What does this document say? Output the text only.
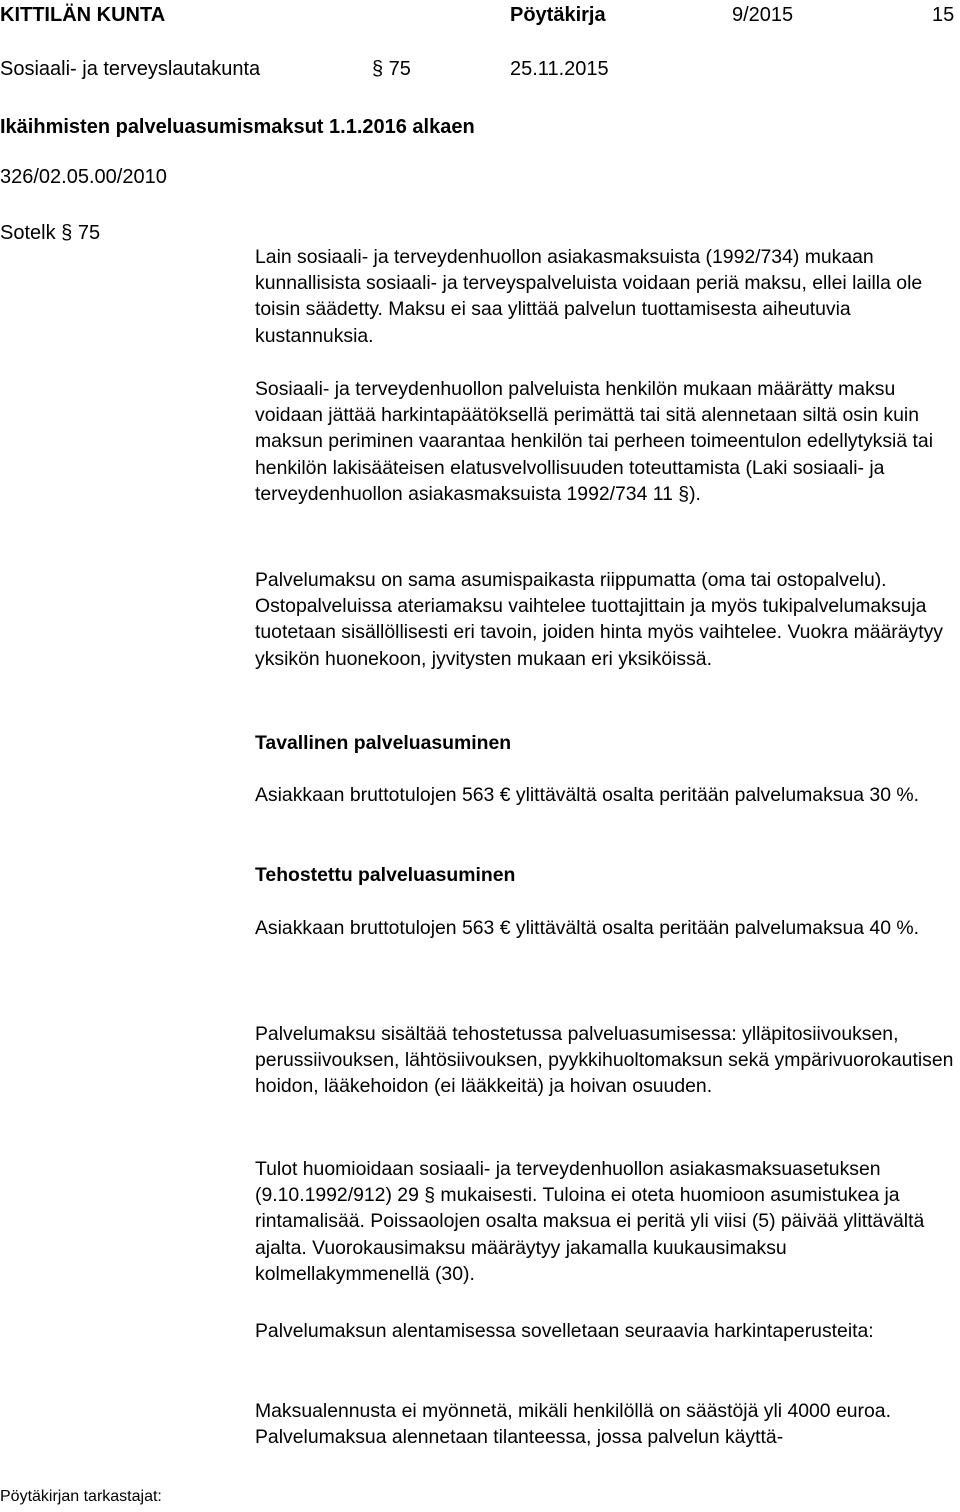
KITTILÄN KUNTA	Pöytäkirja	9/2015	15
Sosiaali- ja terveyslautakunta	§ 75	25.11.2015
Ikäihmisten palveluasumismaksut 1.1.2016 alkaen
326/02.05.00/2010
Sotelk § 75

Lain sosiaali- ja terveydenhuollon asiakasmaksuista (1992/734) mukaan kunnallisista sosiaali- ja terveyspalveluista voidaan periä maksu, ellei lailla ole toisin säädetty. Maksu ei saa ylittää palvelun tuottamisesta aiheutuvia kustannuksia.

Sosiaali- ja terveydenhuollon palveluista henkilön mukaan määrätty maksu voidaan jättää harkintapäätöksellä perimättä tai sitä alennetaan siltä osin kuin maksun periminen vaarantaa henkilön tai perheen toimeentulon edellytyksiä tai henkilön lakisääteisen elatusvelvollisuuden toteuttamista (Laki sosiaali- ja terveydenhuollon asiakasmaksuista 1992/734 11 §).

Palvelumaksu on sama asumispaikasta riippumatta (oma tai ostopalvelu). Ostopalveluissa ateriamaksu vaihtelee tuottajittain ja myös tukipalvelumaksuja tuotetaan sisällöllisesti eri tavoin, joiden hinta myös vaihtelee. Vuokra määräytyy yksikön huonekoon, jyvitysten mukaan eri yksiköissä.

Tavallinen palveluasuminen

Asiakkaan bruttotulojen 563 € ylittävältä osalta peritään palvelumaksua 30 %.

Tehostettu palveluasuminen

Asiakkaan bruttotulojen 563 € ylittävältä osalta peritään palvelumaksua 40 %.

Palvelumaksu sisältää tehostetussa palveluasumisessa: ylläpitosiivouksen, perussiivouksen, lähtösiivouksen, pyykkihuoltomaksun sekä ympärivuorokautisen hoidon, lääkehoidon (ei lääkkeitä) ja hoivan osuuden.

Tulot huomioidaan sosiaali- ja terveydenhuollon asiakasmaksuasetuksen (9.10.1992/912) 29 § mukaisesti. Tuloina ei oteta huomioon asumistukea ja rintamalisää. Poissaolojen osalta maksua ei peritä yli viisi (5) päivää ylittävältä ajalta. Vuorokausimaksu määräytyy jakamalla kuukausimaksu kolmellakymmenellä (30).

Palvelumaksun alentamisessa sovelletaan seuraavia harkintaperusteita:

Maksualennusta ei myönnetä, mikäli henkilöllä on säästöjä yli 4000 euroa. Palvelumaksua alennetaan tilanteessa, jossa palvelun käyttä-

Pöytäkirjan tarkastajat:
